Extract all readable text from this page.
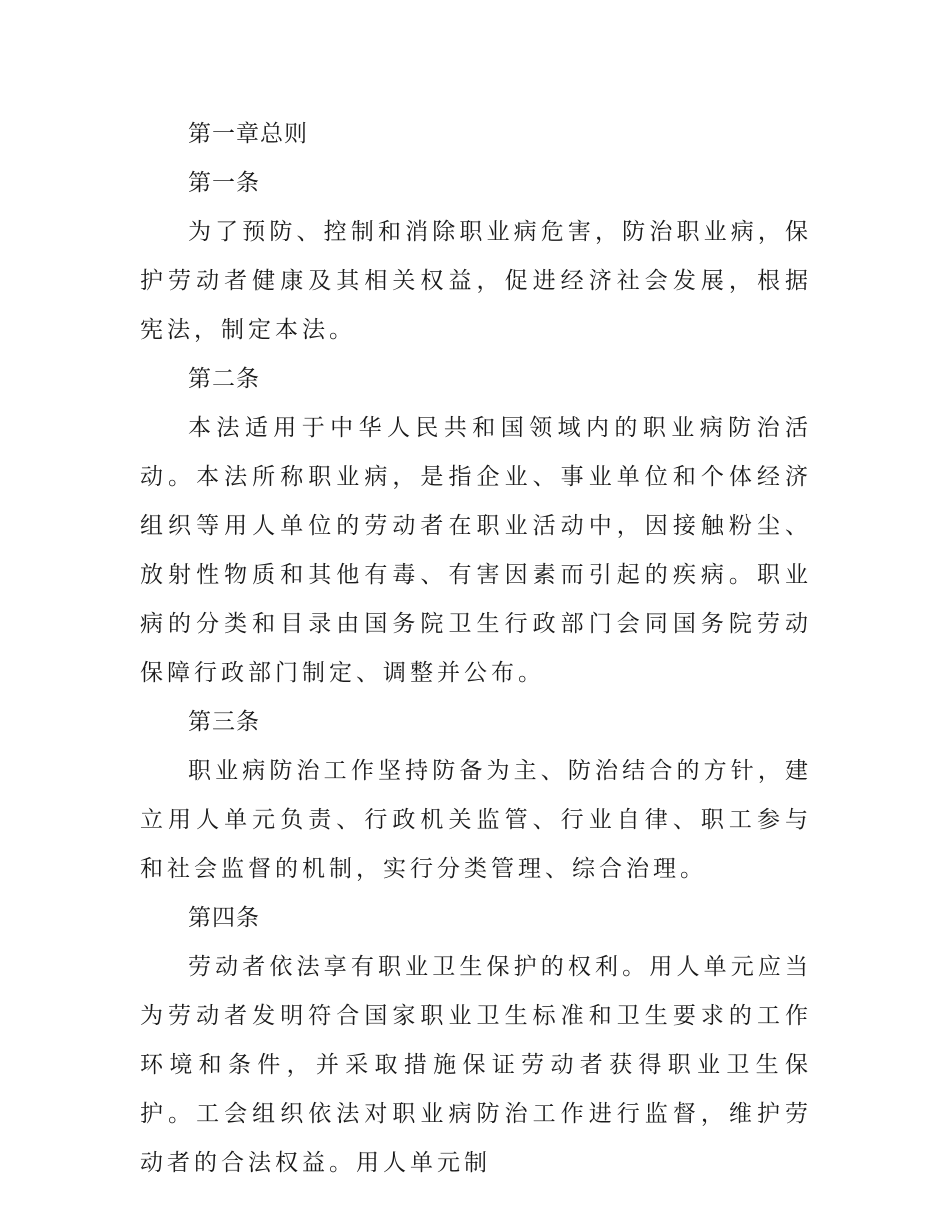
第一章总则
第一条

为了预防、控制和消除职业病危害，防治职业病，保护劳动者健康及其相关权益，促进经济社会发展，根据宪法，制定本法。

第二条

本法适用于中华人民共和国领域内的职业病防治活动。本法所称职业病，是指企业、事业单位和个体经济组织等用人单位的劳动者在职业活动中，因接触粉尘、放射性物质和其他有毒、有害因素而引起的疾病。职业病的分类和目录由国务院卫生行政部门会同国务院劳动保障行政部门制定、调整并公布。

第三条

职业病防治工作坚持防备为主、防治结合的方针，建立用人单元负责、行政机关监管、行业自律、职工参与和社会监督的机制，实行分类管理、综合治理。

第四条

劳动者依法享有职业卫生保护的权利。用人单元应当为劳动者发明符合国家职业卫生标准和卫生要求的工作环境和条件，并采取措施保证劳动者获得职业卫生保护。工会组织依法对职业病防治工作进行监督，维护劳动者的合法权益。用人单元制
